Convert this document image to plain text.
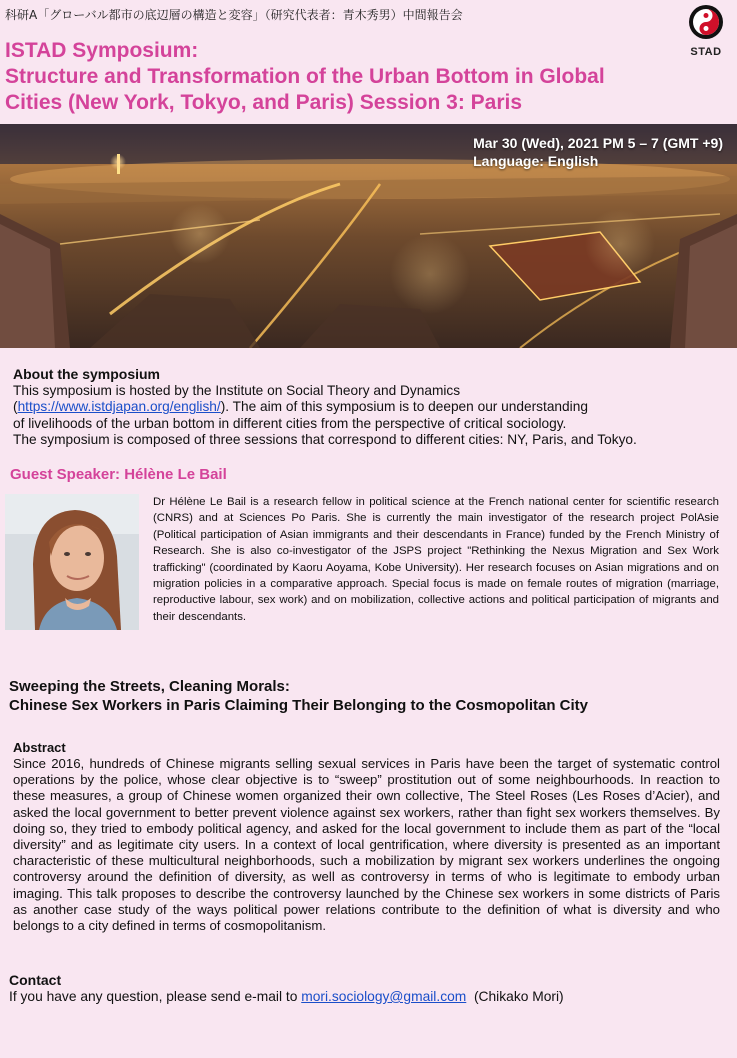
科研A「グローバル都市の底辺層の構造と変容」（研究代表者：青木秀男）中間報告会
STAD
ISTAD Symposium:
Structure and Transformation of the Urban Bottom in Global
Cities (New York, Tokyo, and Paris) Session 3: Paris
Mar 30 (Wed), 2021 PM 5 – 7 (GMT +9)
Language: English
About the symposium
This symposium is hosted by the Institute on Social Theory and Dynamics
(https://www.istdjapan.org/english/). The aim of this symposium is to deepen our understanding
of livelihoods of the urban bottom in different cities from the perspective of critical sociology.
The symposium is composed of three sessions that correspond to different cities: NY, Paris, and Tokyo.
Guest Speaker: Hélène Le Bail
Dr Hélène Le Bail is a research fellow in political science at the French national center for scientific research (CNRS) and at Sciences Po Paris. She is currently the main investigator of the research project PolAsie (Political participation of Asian immigrants and their descendants in France) funded by the French Ministry of Research. She is also co-investigator of the JSPS project "Rethinking the Nexus Migration and Sex Work trafficking" (coordinated by Kaoru Aoyama, Kobe University). Her research focuses on Asian migrations and on migration policies in a comparative approach. Special focus is made on female routes of migration (marriage, reproductive labour, sex work) and on mobilization, collective actions and political participation of migrants and their descendants.
Sweeping the Streets, Cleaning Morals:
Chinese Sex Workers in Paris Claiming Their Belonging to the Cosmopolitan City
Abstract
Since 2016, hundreds of Chinese migrants selling sexual services in Paris have been the target of systematic control operations by the police, whose clear objective is to “sweep” prostitution out of some neighbourhoods. In reaction to these measures, a group of Chinese women organized their own collective, The Steel Roses (Les Roses d’Acier), and asked the local government to better prevent violence against sex workers, rather than fight sex workers themselves. By doing so, they tried to embody political agency, and asked for the local government to include them as part of the “local diversity” and as legitimate city users. In a context of local gentrification, where diversity is presented as an important characteristic of these multicultural neighborhoods, such a mobilization by migrant sex workers underlines the ongoing controversy around the definition of diversity, as well as controversy in terms of who is legitimate to embody urban imaging. This talk proposes to describe the controversy launched by the Chinese sex workers in some districts of Paris as another case study of the ways political power relations contribute to the definition of what is diversity and who belongs to a city defined in terms of cosmopolitanism.
Contact
If you have any question, please send e-mail to mori.sociology@gmail.com  (Chikako Mori)
